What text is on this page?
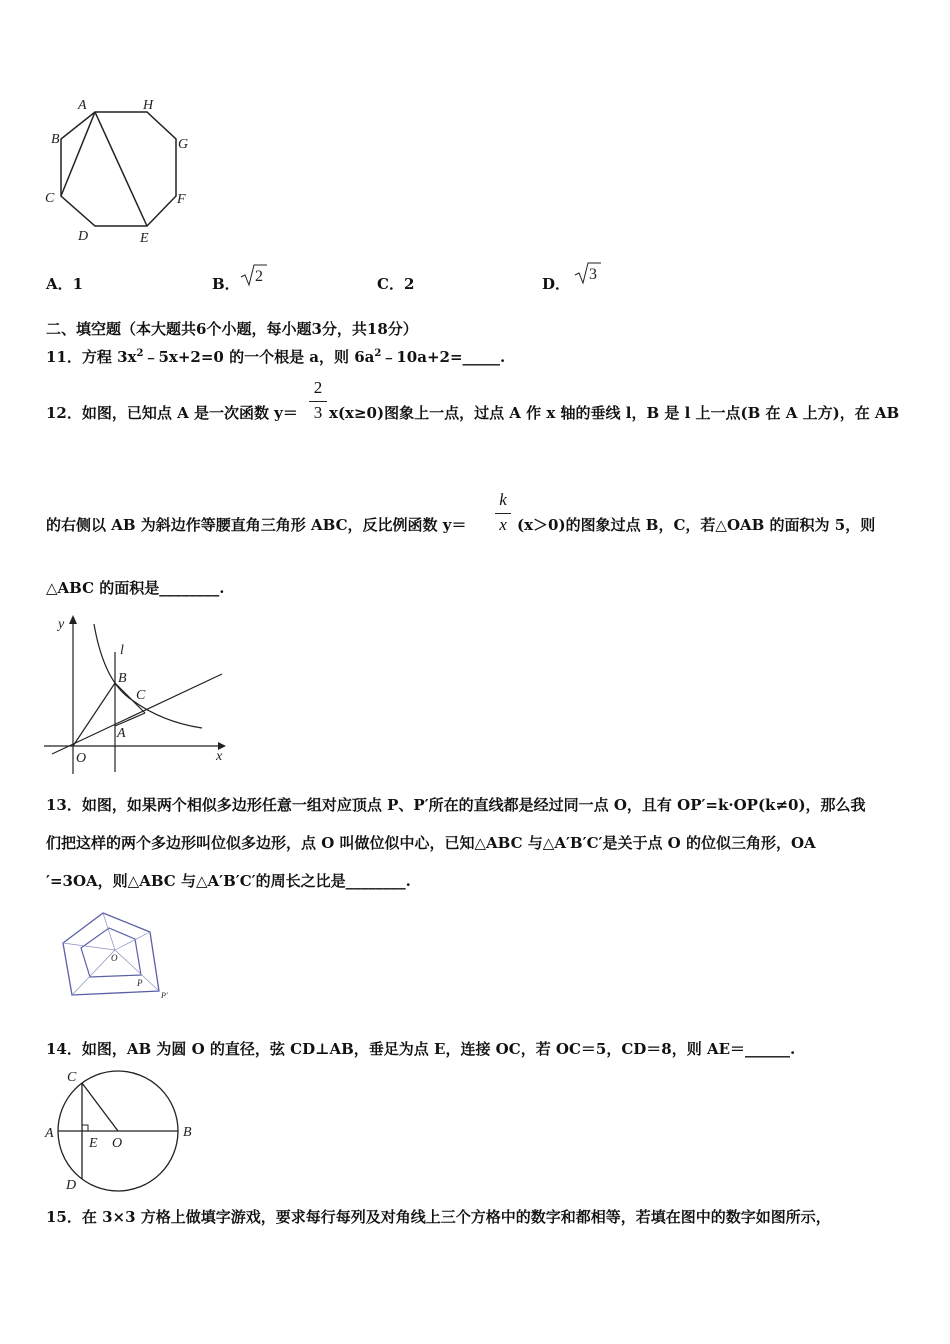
A	H
B	G
C	F
D	E
A．1	B． 2	C．2	D．
3
二、填空题（本大题共6个小题，每小题3分，共18分）
11．方程 $3x^2﹣5x+2=0$ 的一个根是 a，则 $6a^2﹣10a+2=\_\_\_\_\_$.
12．如图，已知点 A 是一次函数 y＝
2
3 x(x≥0)图象上一点，过点 A 作 x 轴的垂线 l，B 是 l 上一点(B 在 A 上方)，在 AB
的右侧以 AB 为斜边作等腰直角三角形 ABC，反比例函数 y＝
k
x (x＞0)的图象过点 B，C，若△OAB 的面积为 5，则
△ABC 的面积是________.
y
l
B
C
A
O	x
13．如图，如果两个相似多边形任意一组对应顶点 P、P′所在的直线都是经过同一点 O，且有 OP′=k·OP(k≠0)，那么我
们把这样的两个多边形叫位似多边形，点 O 叫做位似中心，已知△ABC 与△A′B′C′是关于点 O 的位似三角形，OA
′=3OA，则△ABC 与△A′B′C′的周长之比是________.
O
P
P′
14．如图，AB 为圆 O 的直径，弦 CD⊥AB，垂足为点 E，连接 OC，若 OC＝5，CD＝8，则 AE＝______.
C
A
E O
B
D
15．在 3×3 方格上做填字游戏，要求每行每列及对角线上三个方格中的数字和都相等，若填在图中的数字如图所示，
